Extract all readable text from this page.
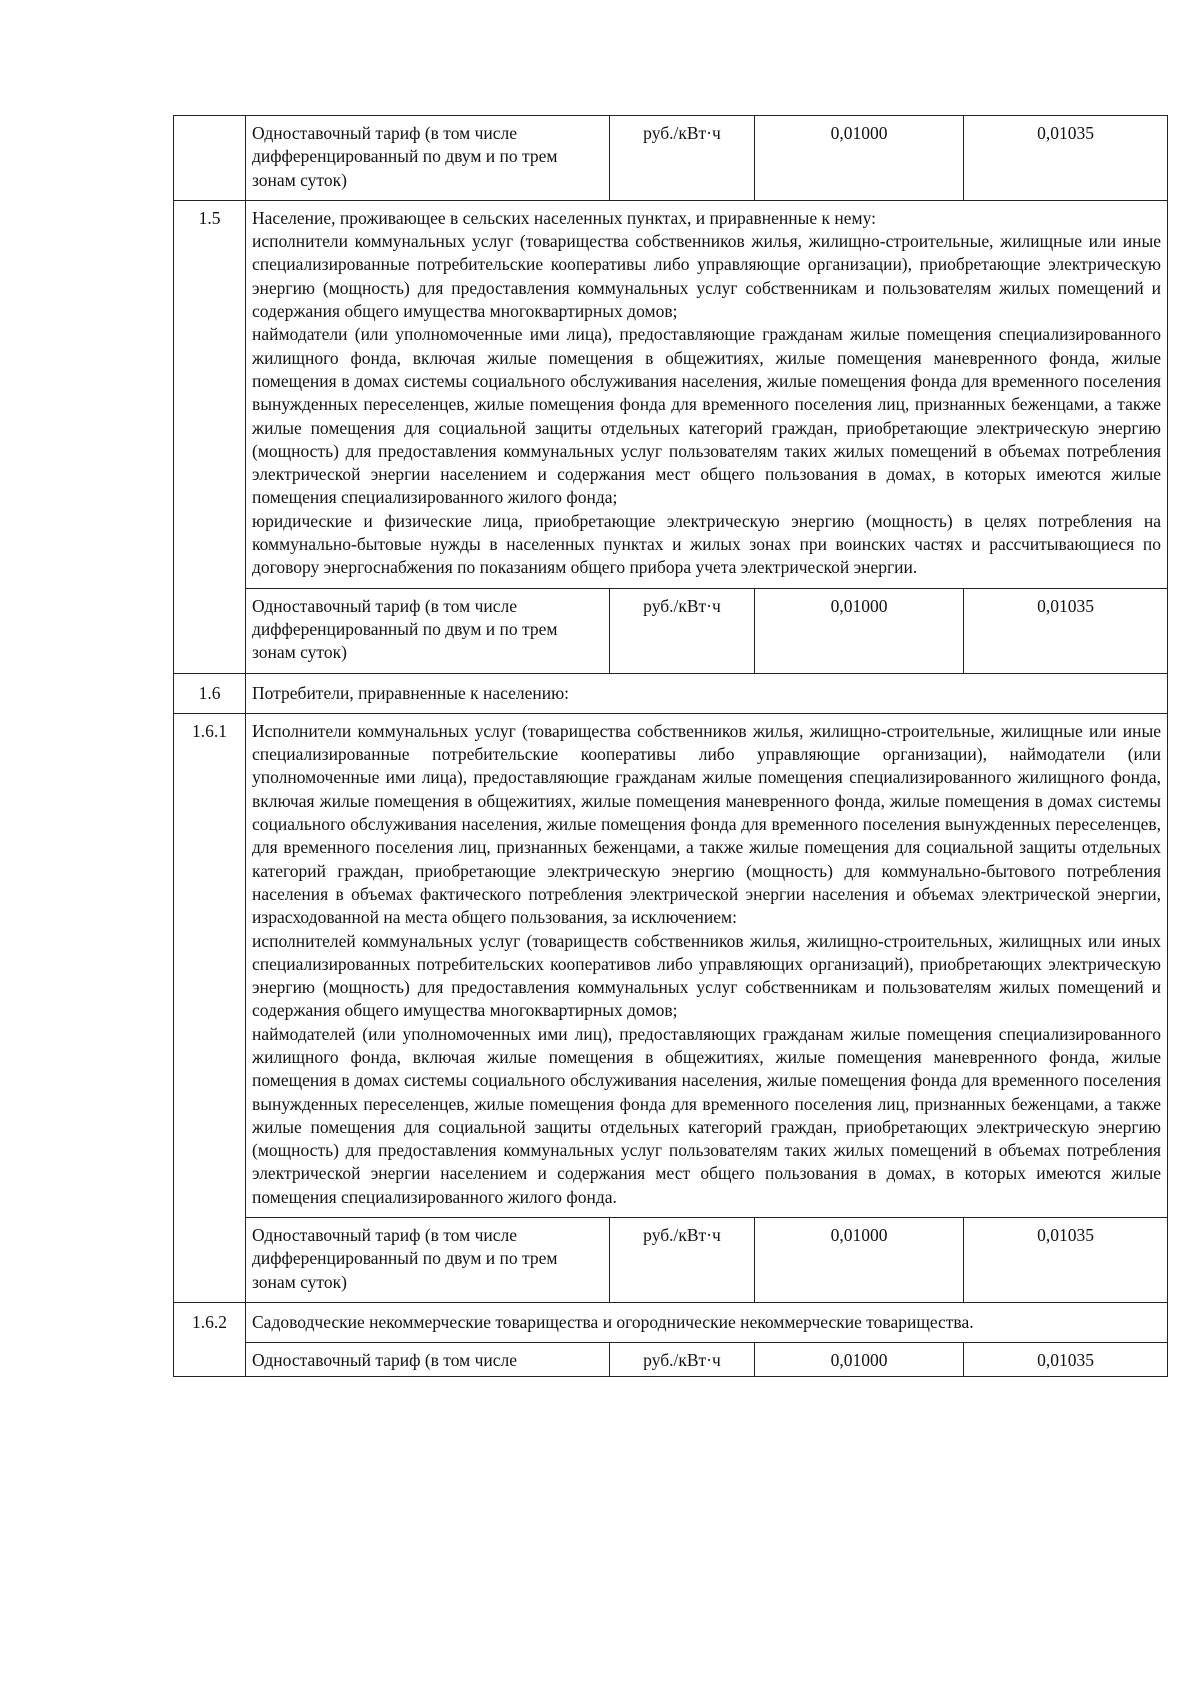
	Одноставочный тариф (в том числе дифференцированный по двум и по трем зонам суток)	руб./кВт·ч	0,01000	0,01035
1.5	Население, проживающее в сельских населенных пунктах, и приравненные к нему:

исполнители коммунальных услуг (товарищества собственников жилья, жилищно-строительные, жилищные или иные специализированные потребительские кооперативы либо управляющие организации), приобретающие электрическую энергию (мощность) для предоставления коммунальных услуг собственникам и пользователям жилых помещений и содержания общего имущества многоквартирных домов;

наймодатели (или уполномоченные ими лица), предоставляющие гражданам жилые помещения специализированного жилищного фонда, включая жилые помещения в общежитиях, жилые помещения маневренного фонда, жилые помещения в домах системы социального обслуживания населения, жилые помещения фонда для временного поселения вынужденных переселенцев, жилые помещения фонда для временного поселения лиц, признанных беженцами, а также жилые помещения для социальной защиты отдельных категорий граждан, приобретающие электрическую энергию (мощность) для предоставления коммунальных услуг пользователям таких жилых помещений в объемах потребления электрической энергии населением и содержания мест общего пользования в домах, в которых имеются жилые помещения специализированного жилого фонда;

юридические и физические лица, приобретающие электрическую энергию (мощность) в целях потребления на коммунально-бытовые нужды в населенных пунктах и жилых зонах при воинских частях и рассчитывающиеся по договору энергоснабжения по показаниям общего прибора учета электрической энергии.			

	Одноставочный тариф (в том числе дифференцированный по двум и по трем зонам суток)	руб./кВт·ч	0,01000	0,01035
1.6	Потребители, приравненные к населению:			
1.6.1	Исполнители коммунальных услуг (товарищества собственников жилья, жилищно-строительные, жилищные или иные специализированные потребительские кооперативы либо управляющие организации), наймодатели (или уполномоченные ими лица), предоставляющие гражданам жилые помещения специализированного жилищного фонда, включая жилые помещения в общежитиях, жилые помещения маневренного фонда, жилые помещения в домах системы социального обслуживания населения, жилые помещения фонда для временного поселения вынужденных переселенцев, для временного поселения лиц, признанных беженцами, а также жилые помещения для социальной защиты отдельных категорий граждан, приобретающие электрическую энергию (мощность) для коммунально-бытового потребления населения в объемах фактического потребления электрической энергии населения и объемах электрической энергии, израсходованной на места общего пользования, за исключением:

исполнителей коммунальных услуг (товариществ собственников жилья, жилищно-строительных, жилищных или иных специализированных потребительских кооперативов либо управляющих организаций), приобретающих электрическую энергию (мощность) для предоставления коммунальных услуг собственникам и пользователям жилых помещений и содержания общего имущества многоквартирных домов;

наймодателей (или уполномоченных ими лиц), предоставляющих гражданам жилые помещения специализированного жилищного фонда, включая жилые помещения в общежитиях, жилые помещения маневренного фонда, жилые помещения в домах системы социального обслуживания населения, жилые помещения фонда для временного поселения вынужденных переселенцев, жилые помещения фонда для временного поселения лиц, признанных беженцами, а также жилые помещения для социальной защиты отдельных категорий граждан, приобретающих электрическую энергию (мощность) для предоставления коммунальных услуг пользователям таких жилых помещений в объемах потребления электрической энергии населением и содержания мест общего пользования в домах, в которых имеются жилые помещения специализированного жилого фонда.			

	Одноставочный тариф (в том числе дифференцированный по двум и по трем зонам суток)	руб./кВт·ч	0,01000	0,01035
1.6.2	Садоводческие некоммерческие товарищества и огороднические некоммерческие товарищества.			
	Одноставочный тариф (в том числе	руб./кВт·ч	0,01000	0,01035
